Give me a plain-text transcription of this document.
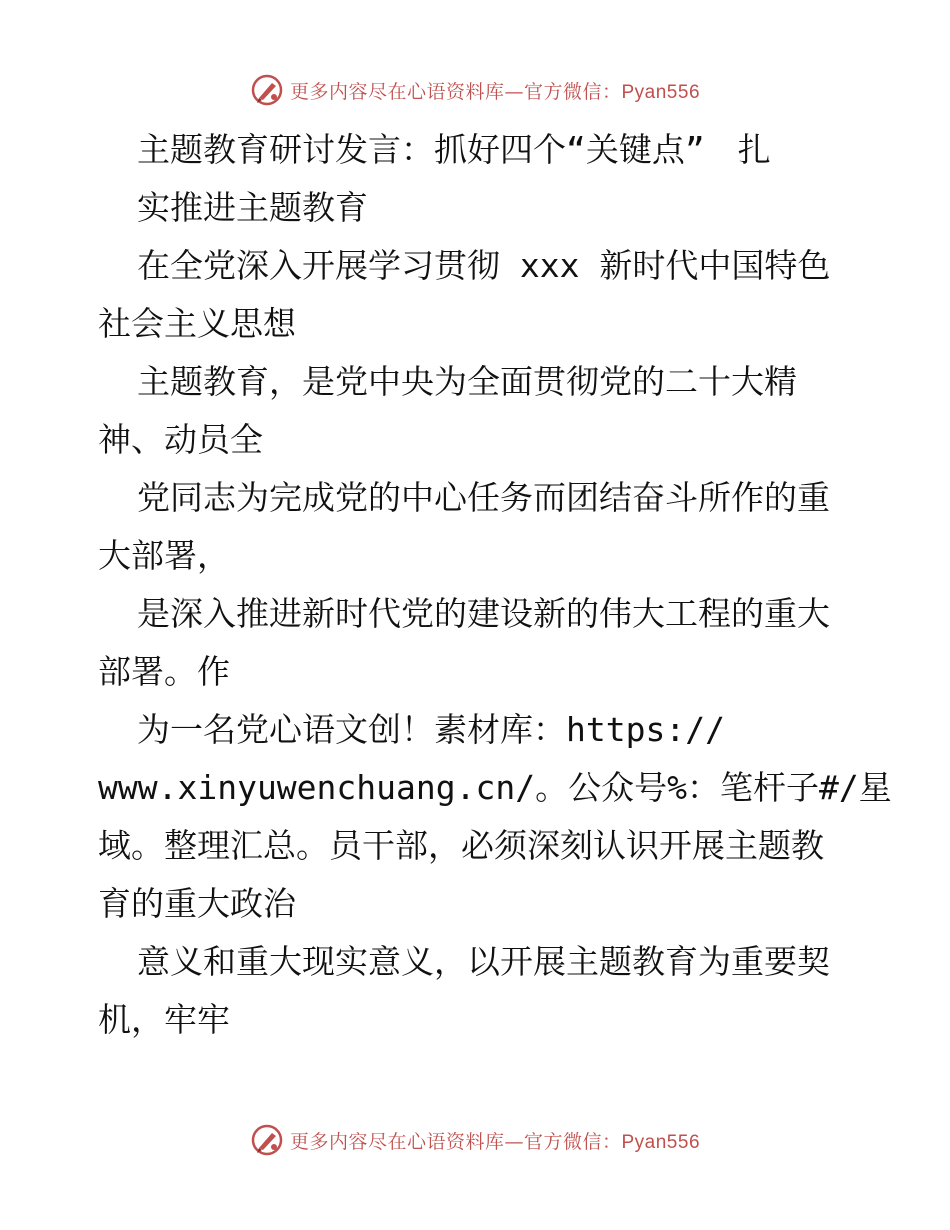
更多内容尽在心语资料库—官方微信：Pyan556
主题教育研讨发言：抓好四个“关键点”　扎
实推进主题教育
在全党深入开展学习贯彻 xxx 新时代中国特色
社会主义思想
主题教育，是党中央为全面贯彻党的二十大精
神、动员全
党同志为完成党的中心任务而团结奋斗所作的重
大部署，
是深入推进新时代党的建设新的伟大工程的重大
部署。作
为一名党心语文创！素材库：https://
www.xinyuwenchuang.cn/。公众号%：笔杆子#/星
域。整理汇总。员干部，必须深刻认识开展主题教
育的重大政治
意义和重大现实意义，以开展主题教育为重要契
机，牢牢
更多内容尽在心语资料库—官方微信：Pyan556
